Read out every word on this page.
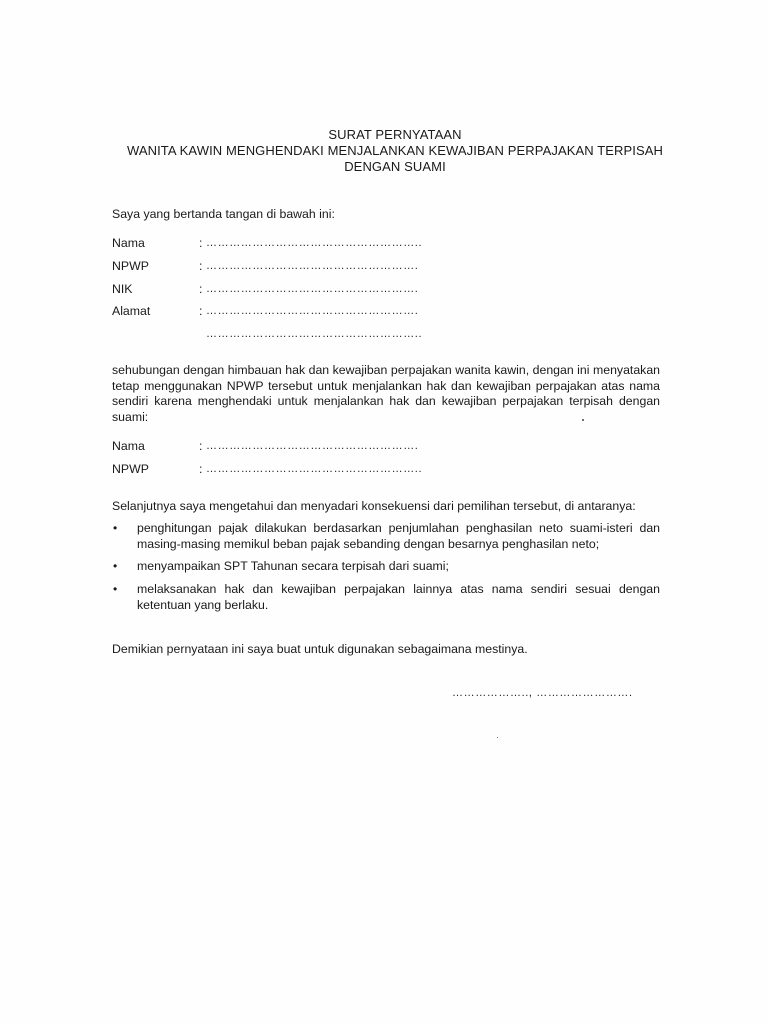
SURAT PERNYATAAN
WANITA KAWIN MENGHENDAKI MENJALANKAN KEWAJIBAN PERPAJAKAN TERPISAH
DENGAN SUAMI
Saya yang bertanda tangan di bawah ini:
Nama	: ………………………………………………..
NPWP	: ……………………………………………….
NIK	: ……………………………………………….
Alamat	: ……………………………………………….
………………………………………………..
sehubungan dengan himbauan hak dan kewajiban perpajakan wanita kawin, dengan ini menyatakan tetap menggunakan NPWP tersebut untuk menjalankan hak dan kewajiban perpajakan atas nama sendiri karena menghendaki untuk menjalankan hak dan kewajiban perpajakan terpisah dengan suami:
Nama	: ……………………………………………….
NPWP	: ………………………………………………..
Selanjutnya saya mengetahui dan menyadari konsekuensi dari pemilihan tersebut, di antaranya:
• penghitungan pajak dilakukan berdasarkan penjumlahan penghasilan neto suami-isteri dan masing-masing memikul beban pajak sebanding dengan besarnya penghasilan neto;
• menyampaikan SPT Tahunan secara terpisah dari suami;
• melaksanakan hak dan kewajiban perpajakan lainnya atas nama sendiri sesuai dengan ketentuan yang berlaku.
Demikian pernyataan ini saya buat untuk digunakan sebagaimana mestinya.
……………….., …………………….
